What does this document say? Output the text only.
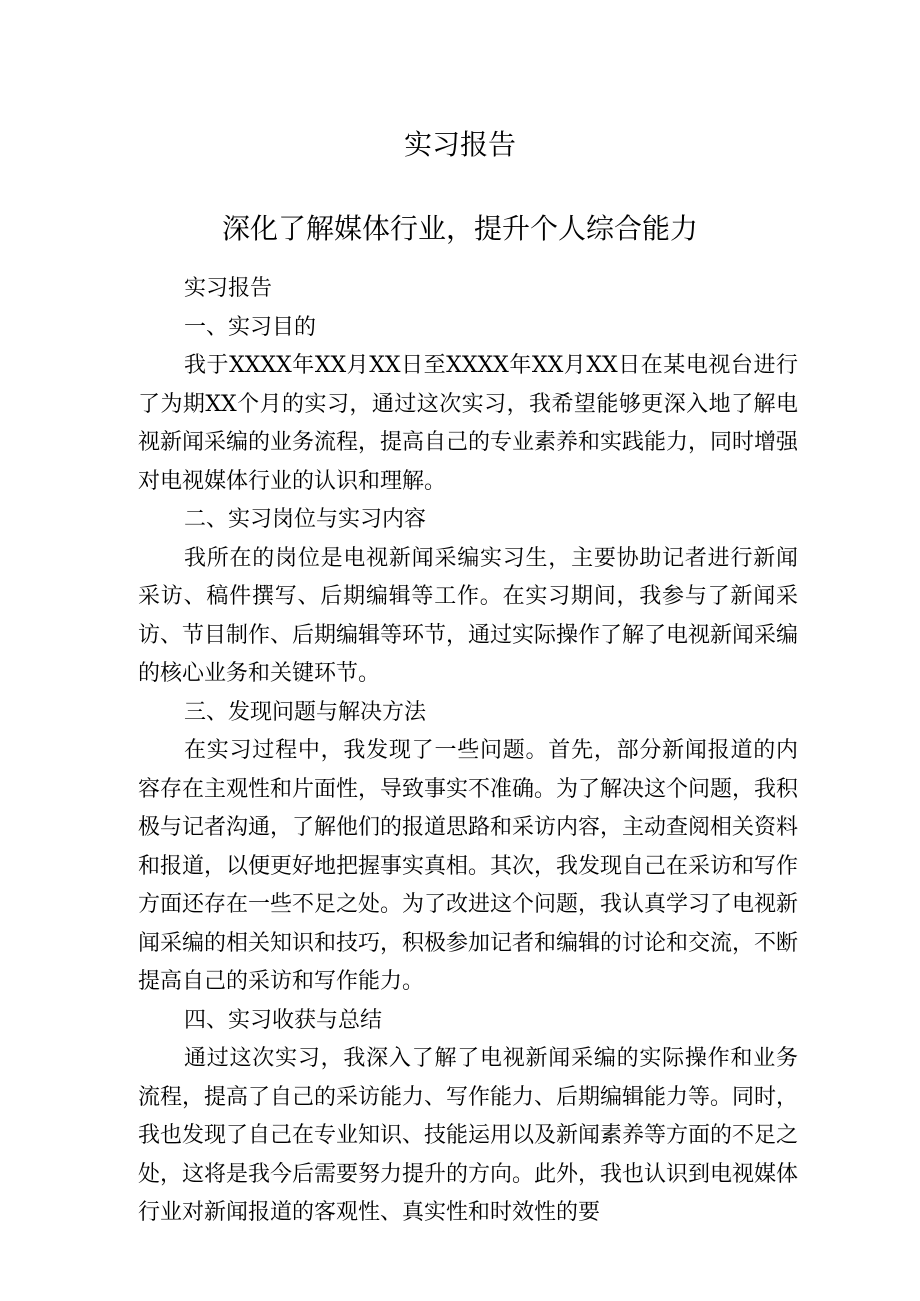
实习报告
深化了解媒体行业，提升个人综合能力

实习报告

一、实习目的

我于XXXX年XX月XX日至XXXX年XX月XX日在某电视台进行了为期XX个月的实习，通过这次实习，我希望能够更深入地了解电视新闻采编的业务流程，提高自己的专业素养和实践能力，同时增强对电视媒体行业的认识和理解。

二、实习岗位与实习内容

我所在的岗位是电视新闻采编实习生，主要协助记者进行新闻采访、稿件撰写、后期编辑等工作。在实习期间，我参与了新闻采访、节目制作、后期编辑等环节，通过实际操作了解了电视新闻采编的核心业务和关键环节。

三、发现问题与解决方法

在实习过程中，我发现了一些问题。首先，部分新闻报道的内容存在主观性和片面性，导致事实不准确。为了解决这个问题，我积极与记者沟通，了解他们的报道思路和采访内容，主动查阅相关资料和报道，以便更好地把握事实真相。其次，我发现自己在采访和写作方面还存在一些不足之处。为了改进这个问题，我认真学习了电视新闻采编的相关知识和技巧，积极参加记者和编辑的讨论和交流，不断提高自己的采访和写作能力。

四、实习收获与总结

通过这次实习，我深入了解了电视新闻采编的实际操作和业务流程，提高了自己的采访能力、写作能力、后期编辑能力等。同时，我也发现了自己在专业知识、技能运用以及新闻素养等方面的不足之处，这将是我今后需要努力提升的方向。此外，我也认识到电视媒体行业对新闻报道的客观性、真实性和时效性的要
